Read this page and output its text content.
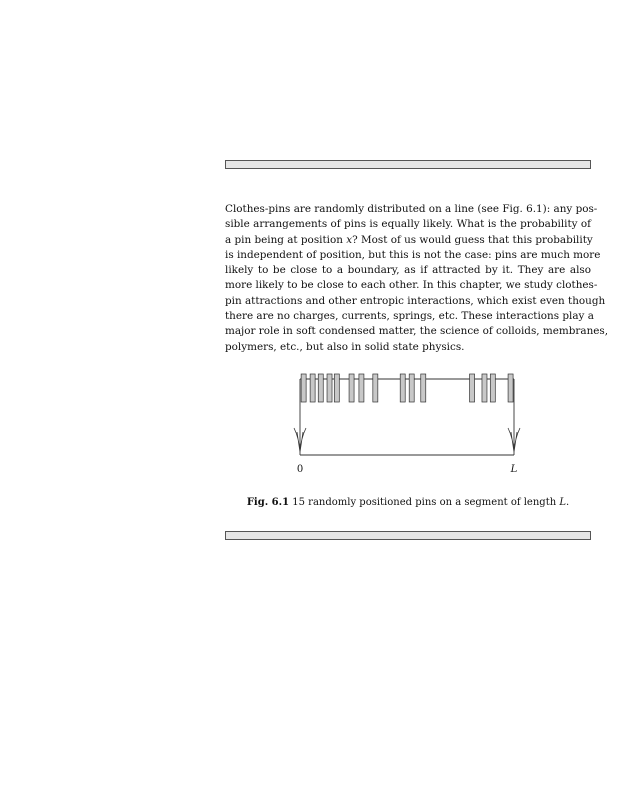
Clothes-pins are randomly distributed on a line (see Fig. 6.1): any pos-
sible arrangements of pins is equally likely. What is the probability of
a pin being at position x? Most of us would guess that this probability
is independent of position, but this is not the case: pins are much more
likely to be close to a boundary, as if attracted by it. They are also
more likely to be close to each other. In this chapter, we study clothes-
pin attractions and other entropic interactions, which exist even though
there are no charges, currents, springs, etc. These interactions play a
major role in soft condensed matter, the science of colloids, membranes,
polymers, etc., but also in solid state physics.

0	L

Fig. 6.1 15 randomly positioned pins on a segment of length L.
